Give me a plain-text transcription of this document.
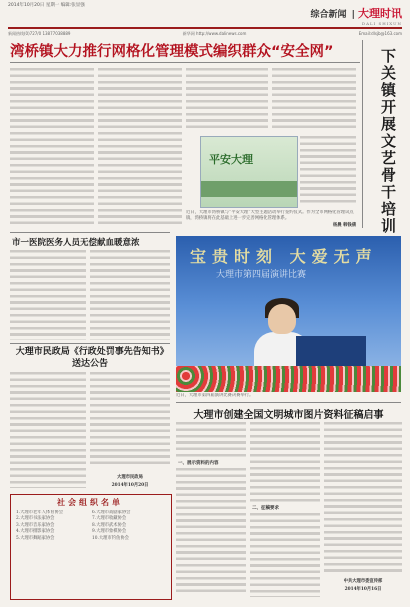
2014年10月20日 星期一 编辑:张显强
综合新闻 | 大理时讯
DALI SHIXUN
新闻热线(0)727/0 13877038889	新华网 http://www.dalinews.com	Email:dlsjb@163.com
湾桥镇大力推行网格化管理模式编织群众“安全网”
平安大理
近日，大理市湾桥镇与“平安大理”大型主题活动举行签约仪式。作为全市网格化管理试点镇，湾桥镇将在此基础上进一步完善网格化管理体系。	下关镇开展文艺骨干培训
杨晨 韩钱倩
市一医院医务人员无偿献血暖意浓
宝贵时刻 大爱无声
大理市第四届演讲比赛
近日，大理市第四届演讲比赛决赛举行。
大理市民政局《行政处罚事先告知书》送达公告
大理市民政局
2014年10月20日
社会组织名单
1.大理市老年人体育协会
2.大理市书法家协会
3.大理市音乐家协会
4.大理市摄影家协会
5.大理市舞蹈家协会
6.大理市戏剧家协会
7.大理市收藏协会
8.大理市武术协会
9.大理市象棋协会
10.大理市钓鱼协会
大理市创建全国文明城市图片资料征稿启事
一、展示资料的内容
二、征稿要求
中共大理市委宣传部
2014年10月16日
